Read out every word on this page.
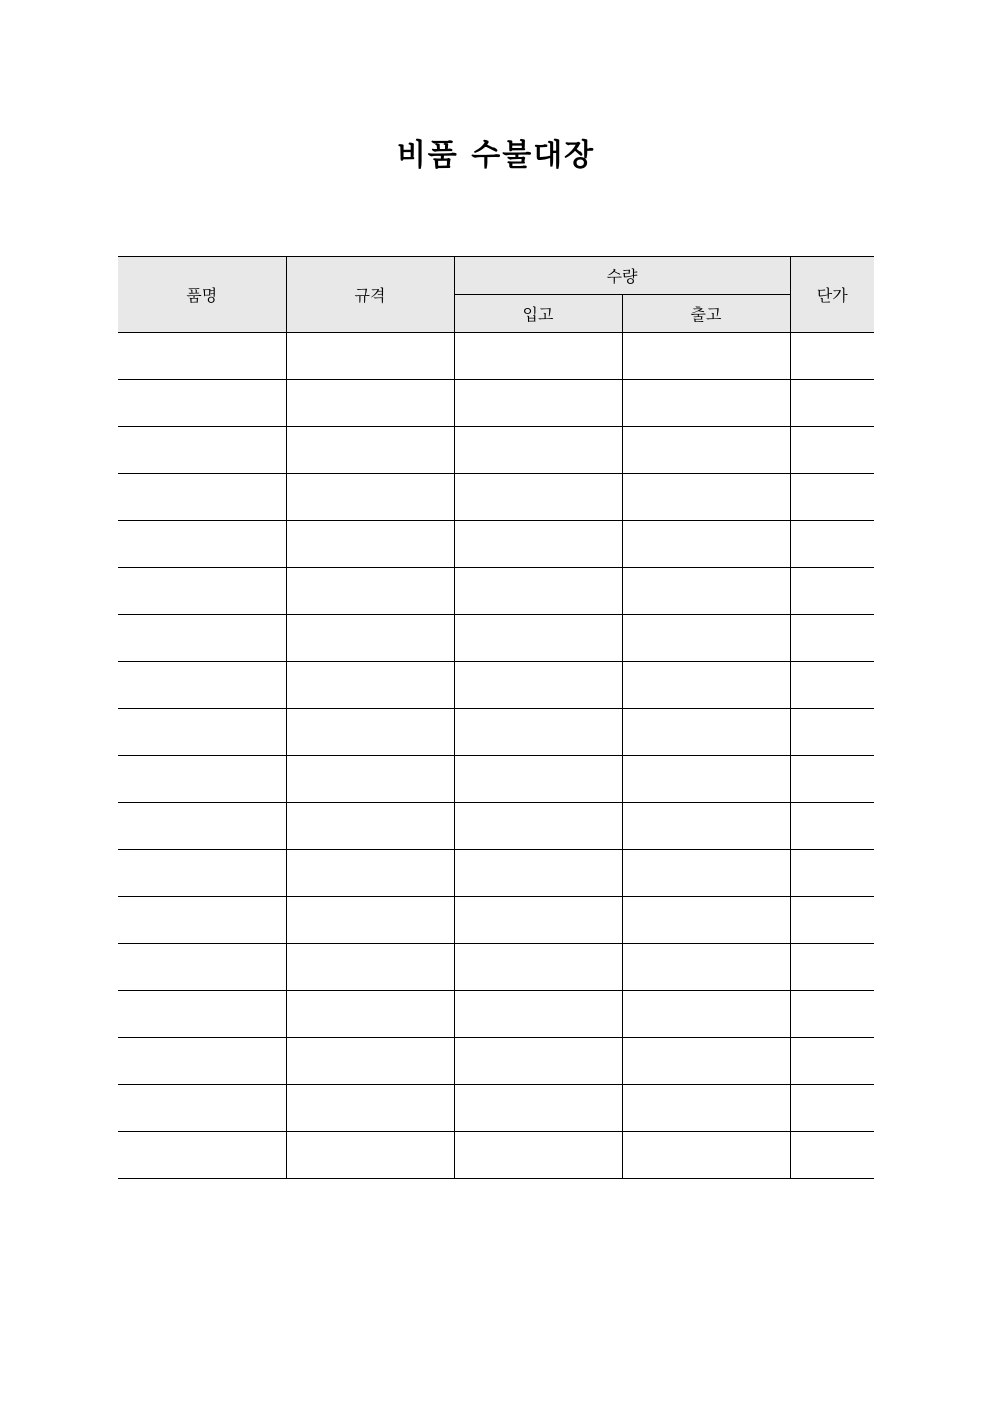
비품 수불대장
품명	규격	수량		단가
		입고	출고	
